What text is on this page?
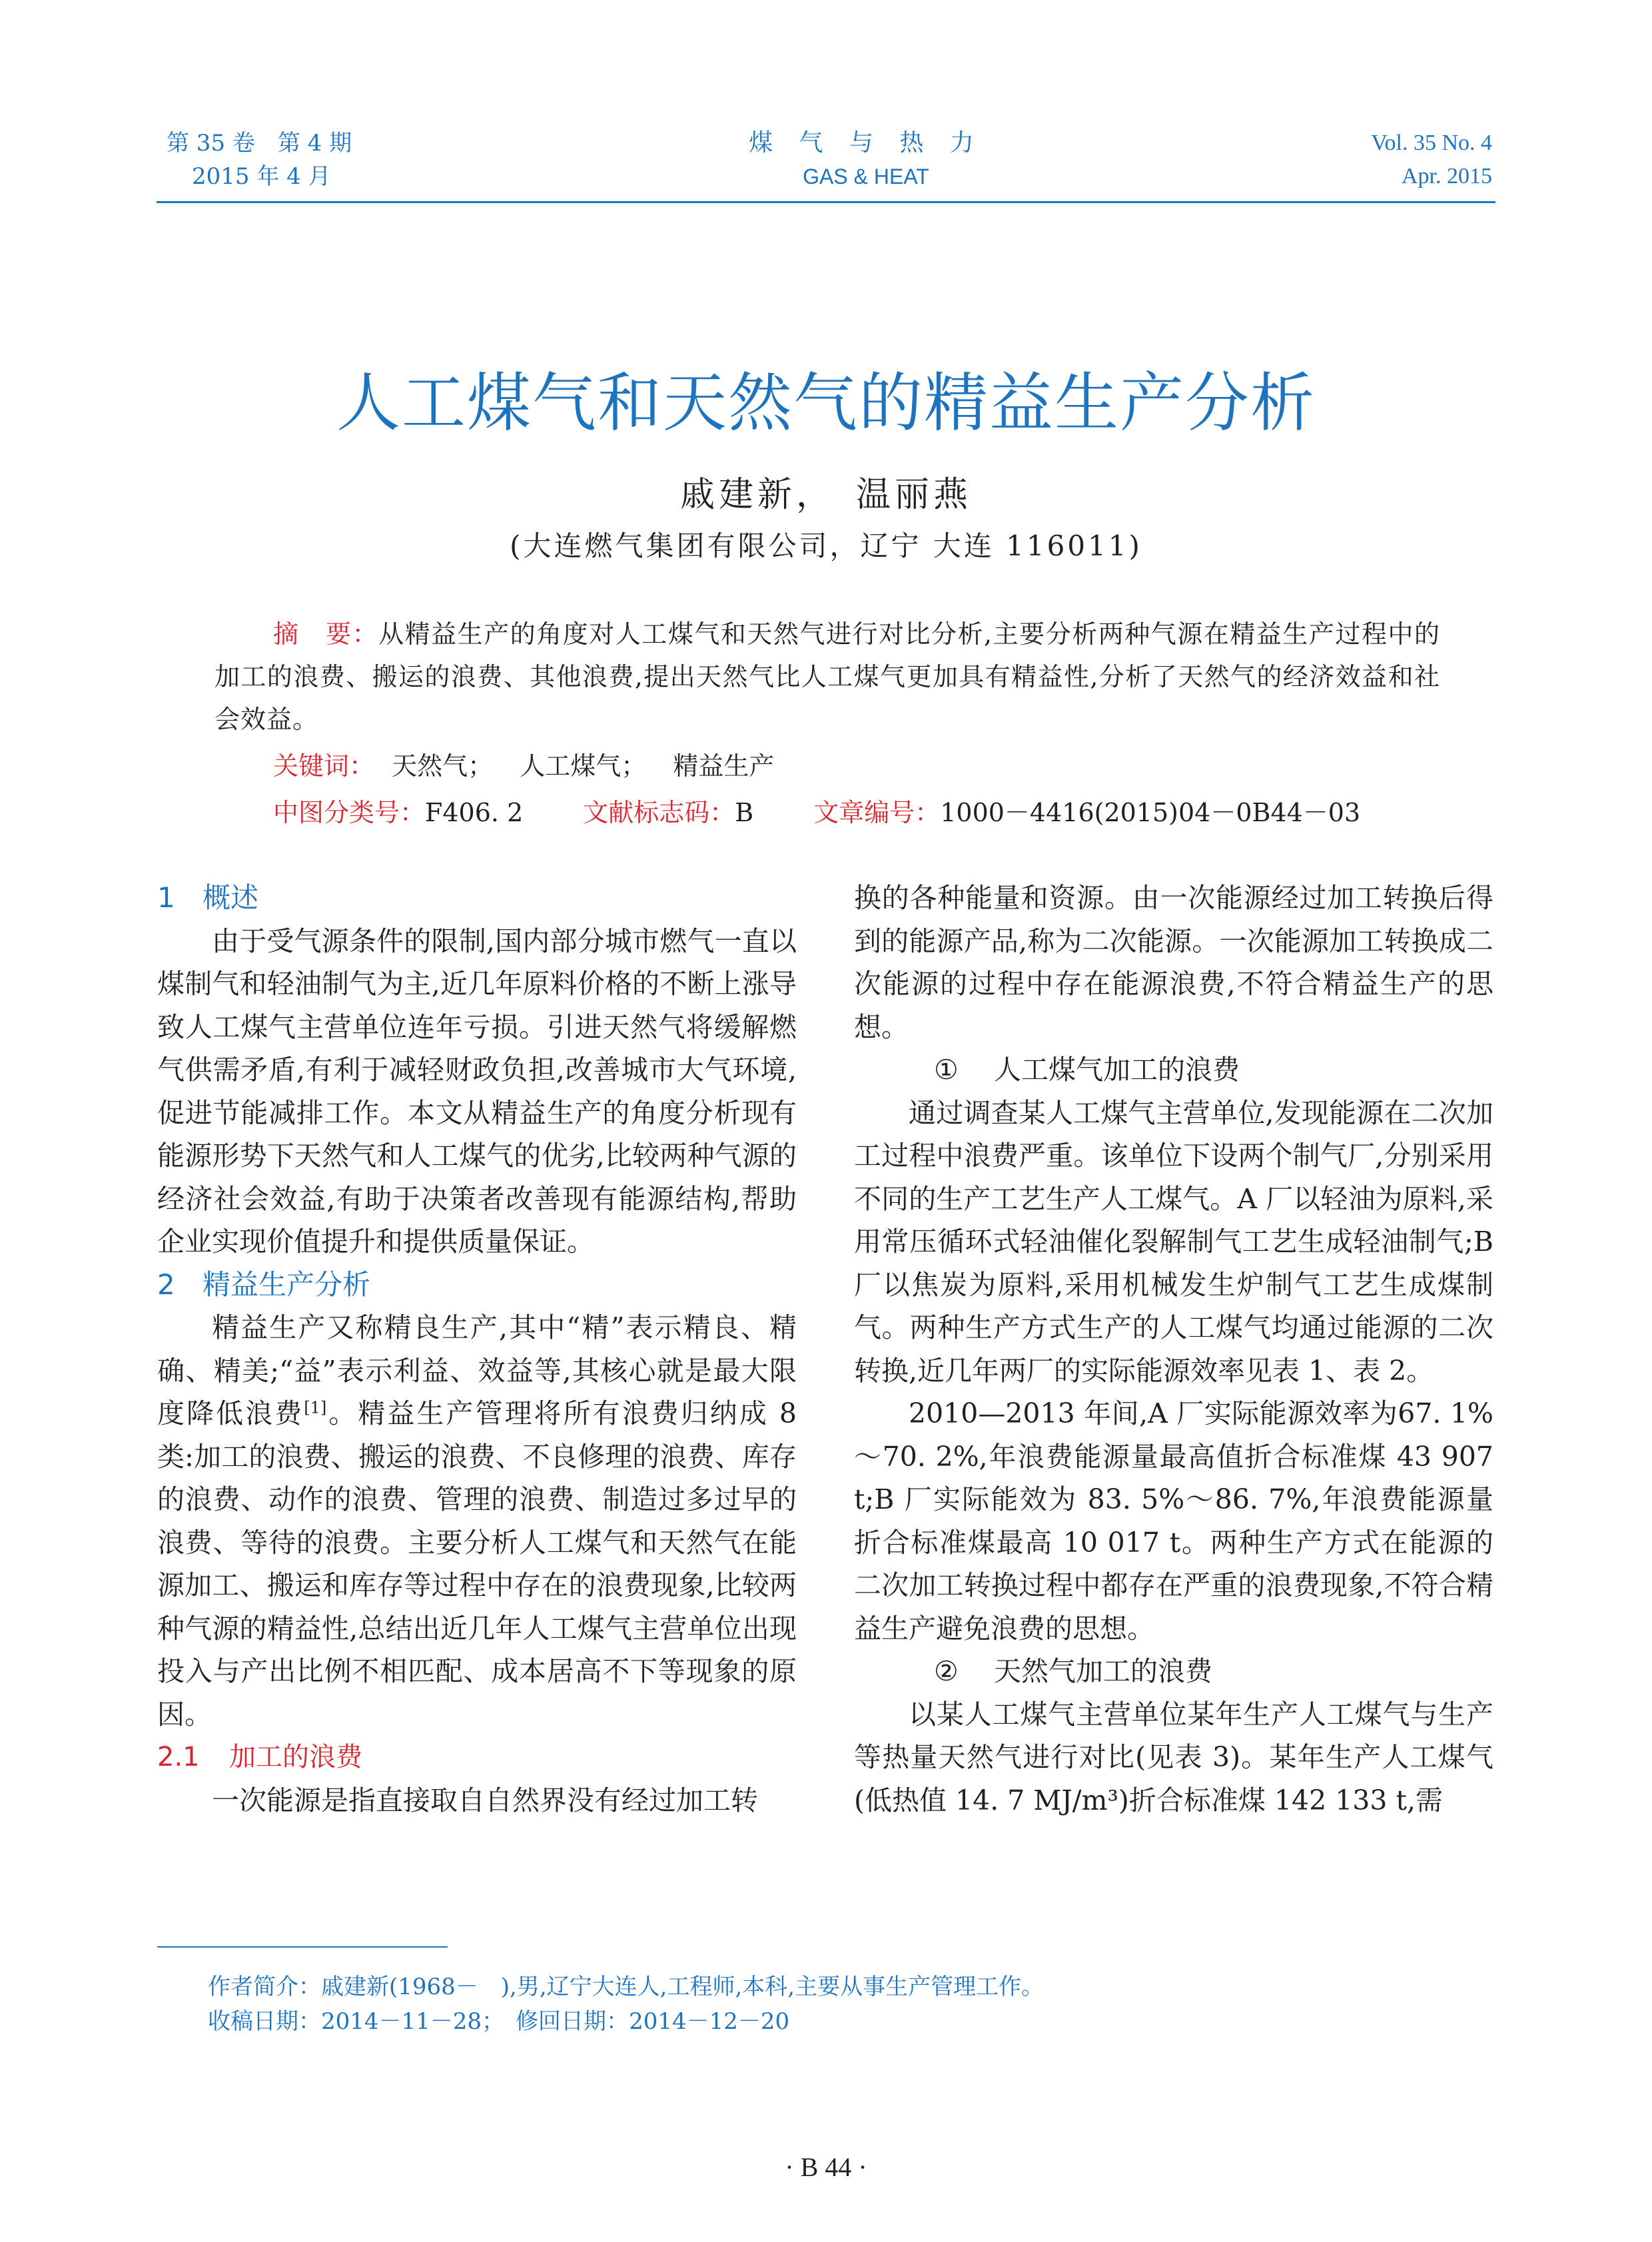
第 35 卷　第 4 期
2015 年 4 月
煤 气 与 热 力
GAS & HEAT
Vol. 35 No. 4
Apr. 2015
人工煤气和天然气的精益生产分析
戚建新，　温丽燕
(大连燃气集团有限公司，辽宁 大连 116011)
摘　要：从精益生产的角度对人工煤气和天然气进行对比分析,主要分析两种气源在精益生产过程中的加工的浪费、搬运的浪费、其他浪费,提出天然气比人工煤气更加具有精益性,分析了天然气的经济效益和社会效益。
关键词： 天然气； 人工煤气； 精益生产
中图分类号：F406. 2 文献标志码：B 文章编号：1000－4416(2015)04－0B44－03
1 概述

由于受气源条件的限制,国内部分城市燃气一直以煤制气和轻油制气为主,近几年原料价格的不断上涨导致人工煤气主营单位连年亏损。引进天然气将缓解燃气供需矛盾,有利于减轻财政负担,改善城市大气环境,促进节能减排工作。本文从精益生产的角度分析现有能源形势下天然气和人工煤气的优劣,比较两种气源的经济社会效益,有助于决策者改善现有能源结构,帮助企业实现价值提升和提供质量保证。

2 精益生产分析

精益生产又称精良生产,其中“精”表示精良、精确、精美;“益”表示利益、效益等,其核心就是最大限度降低浪费[1]。精益生产管理将所有浪费归纳成 8 类:加工的浪费、搬运的浪费、不良修理的浪费、库存的浪费、动作的浪费、管理的浪费、制造过多过早的浪费、等待的浪费。主要分析人工煤气和天然气在能源加工、搬运和库存等过程中存在的浪费现象,比较两种气源的精益性,总结出近几年人工煤气主营单位出现投入与产出比例不相匹配、成本居高不下等现象的原因。

2.1 加工的浪费

一次能源是指直接取自自然界没有经过加工转

换的各种能量和资源。由一次能源经过加工转换后得到的能源产品,称为二次能源。一次能源加工转换成二次能源的过程中存在能源浪费,不符合精益生产的思想。

① 人工煤气加工的浪费

通过调查某人工煤气主营单位,发现能源在二次加工过程中浪费严重。该单位下设两个制气厂,分别采用不同的生产工艺生产人工煤气。A 厂以轻油为原料,采用常压循环式轻油催化裂解制气工艺生成轻油制气;B 厂以焦炭为原料,采用机械发生炉制气工艺生成煤制气。两种生产方式生产的人工煤气均通过能源的二次转换,近几年两厂的实际能源效率见表 1、表 2。

2010—2013 年间,A 厂实际能源效率为67. 1%～70. 2%,年浪费能源量最高值折合标准煤 43 907 t;B 厂实际能效为 83. 5%～86. 7%,年浪费能源量折合标准煤最高 10 017 t。两种生产方式在能源的二次加工转换过程中都存在严重的浪费现象,不符合精益生产避免浪费的思想。

② 天然气加工的浪费

以某人工煤气主营单位某年生产人工煤气与生产等热量天然气进行对比(见表 3)。某年生产人工煤气(低热值 14. 7 MJ/m³)折合标准煤 142 133 t,需

作者简介：戚建新(1968－　),男,辽宁大连人,工程师,本科,主要从事生产管理工作。
收稿日期：2014－11－28；　 修回日期：2014－12－20
· B 44 ·
